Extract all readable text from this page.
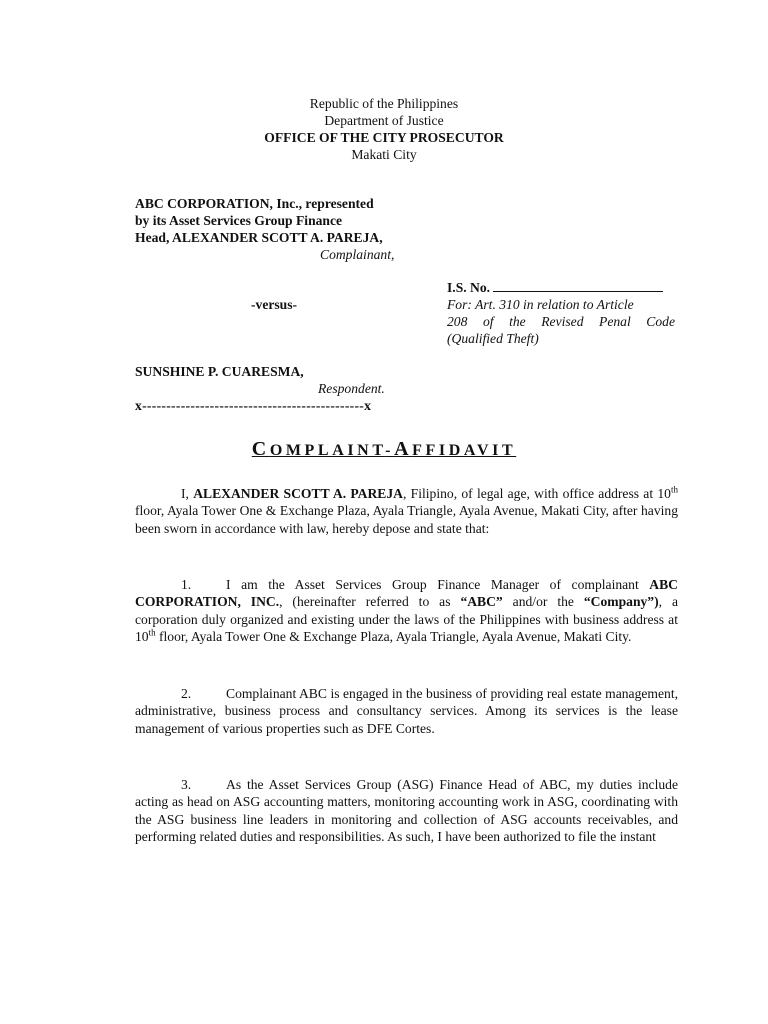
Republic of the Philippines
Department of Justice
OFFICE OF THE CITY PROSECUTOR
Makati City
ABC CORPORATION, Inc., represented
by its Asset Services Group Finance
Head, ALEXANDER SCOTT A. PAREJA,
Complainant,
I.S. No.
-versus-	For: Art. 310 in relation to Article
208 of the Revised Penal Code
(Qualified Theft)
SUNSHINE P. CUARESMA,
Respondent.
x----------------------------------------------x
COMPLAINT-AFFIDAVIT
I, ALEXANDER SCOTT A. PAREJA, Filipino, of legal age, with office address at 10th floor, Ayala Tower One & Exchange Plaza, Ayala Triangle, Ayala Avenue, Makati City, after having been sworn in accordance with law, hereby depose and state that:
1.	I am the Asset Services Group Finance Manager of complainant ABC CORPORATION, INC., (hereinafter referred to as “ABC” and/or the “Company”), a corporation duly organized and existing under the laws of the Philippines with business address at 10th floor, Ayala Tower One & Exchange Plaza, Ayala Triangle, Ayala Avenue, Makati City.
2.	Complainant ABC is engaged in the business of providing real estate management, administrative, business process and consultancy services. Among its services is the lease management of various properties such as DFE Cortes.
3.	As the Asset Services Group (ASG) Finance Head of ABC, my duties include acting as head on ASG accounting matters, monitoring accounting work in ASG, coordinating with the ASG business line leaders in monitoring and collection of ASG accounts receivables, and performing related duties and responsibilities. As such, I have been authorized to file the instant
